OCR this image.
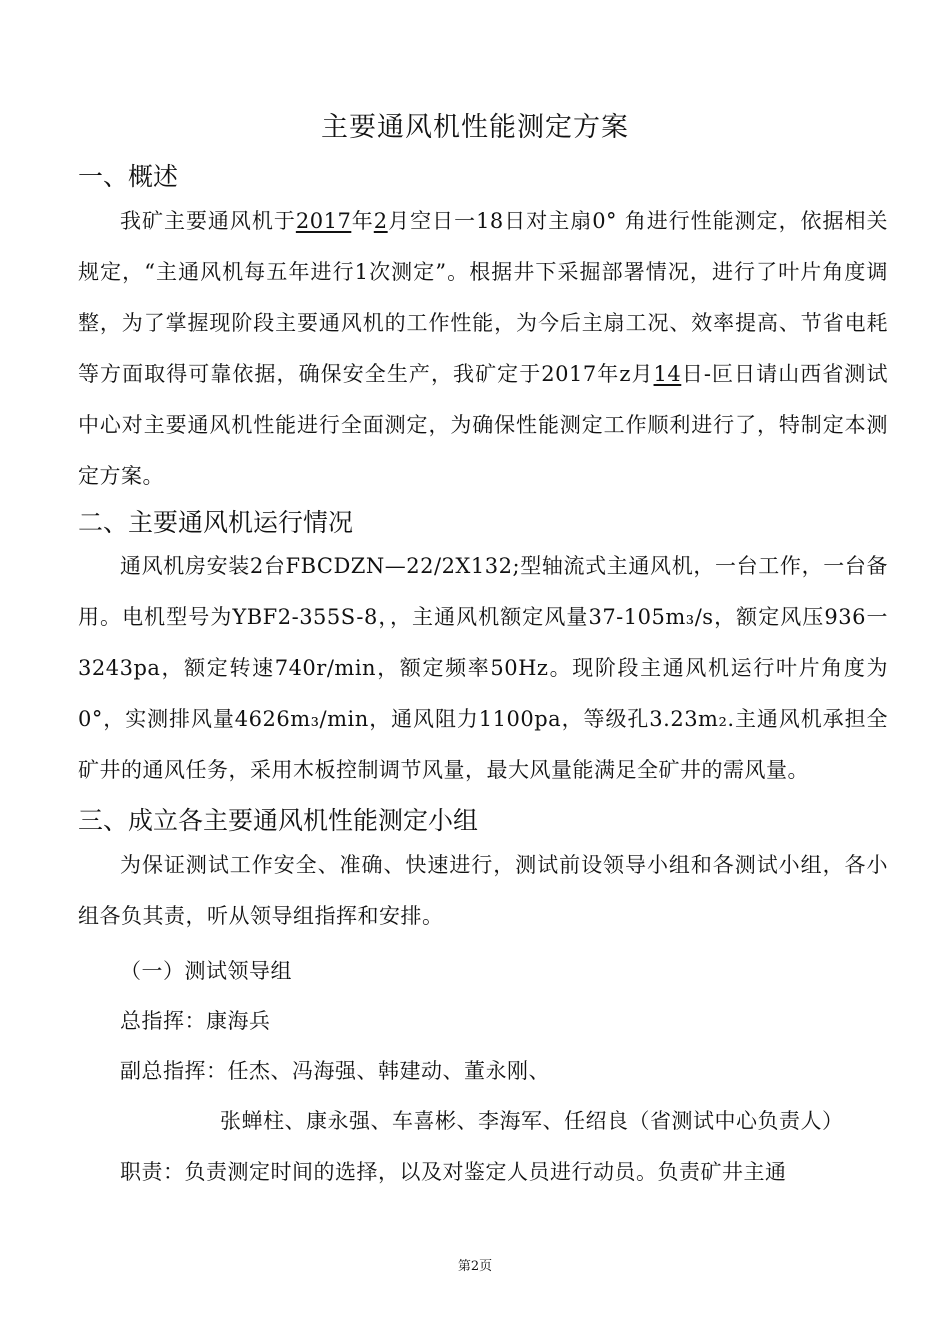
主要通风机性能测定方案
一、概述
我矿主要通风机于2017年2月空日一18日对主扇0° 角进行性能测定，依据相关规定，“主通风机每五年进行1次测定”。根据井下采掘部署情况，进行了叶片角度调整，为了掌握现阶段主要通风机的工作性能，为今后主扇工况、效率提高、节省电耗等方面取得可靠依据，确保安全生产，我矿定于2017年z月14日-叵日请山西省测试中心对主要通风机性能进行全面测定，为确保性能测定工作顺利进行了，特制定本测定方案。
二、主要通风机运行情况
通风机房安装2台FBCDZN—22/2X132;型轴流式主通风机，一台工作，一台备用。电机型号为YBF2-355S-8，，主通风机额定风量37-105m₃/s，额定风压936一3243pa，额定转速740r/min，额定频率50Hz。现阶段主通风机运行叶片角度为0°，实测排风量4626m₃/min，通风阻力1100pa，等级孔3.23m₂.主通风机承担全矿井的通风任务，采用木板控制调节风量，最大风量能满足全矿井的需风量。
三、成立各主要通风机性能测定小组
为保证测试工作安全、准确、快速进行，测试前设领导小组和各测试小组，各小组各负其责，听从领导组指挥和安排。
（一）测试领导组
总指挥：康海兵
副总指挥：任杰、冯海强、韩建动、董永刚、
张蝉柱、康永强、车喜彬、李海军、任绍良（省测试中心负责人）
职责：负责测定时间的选择，以及对鉴定人员进行动员。负责矿井主通
第2页
